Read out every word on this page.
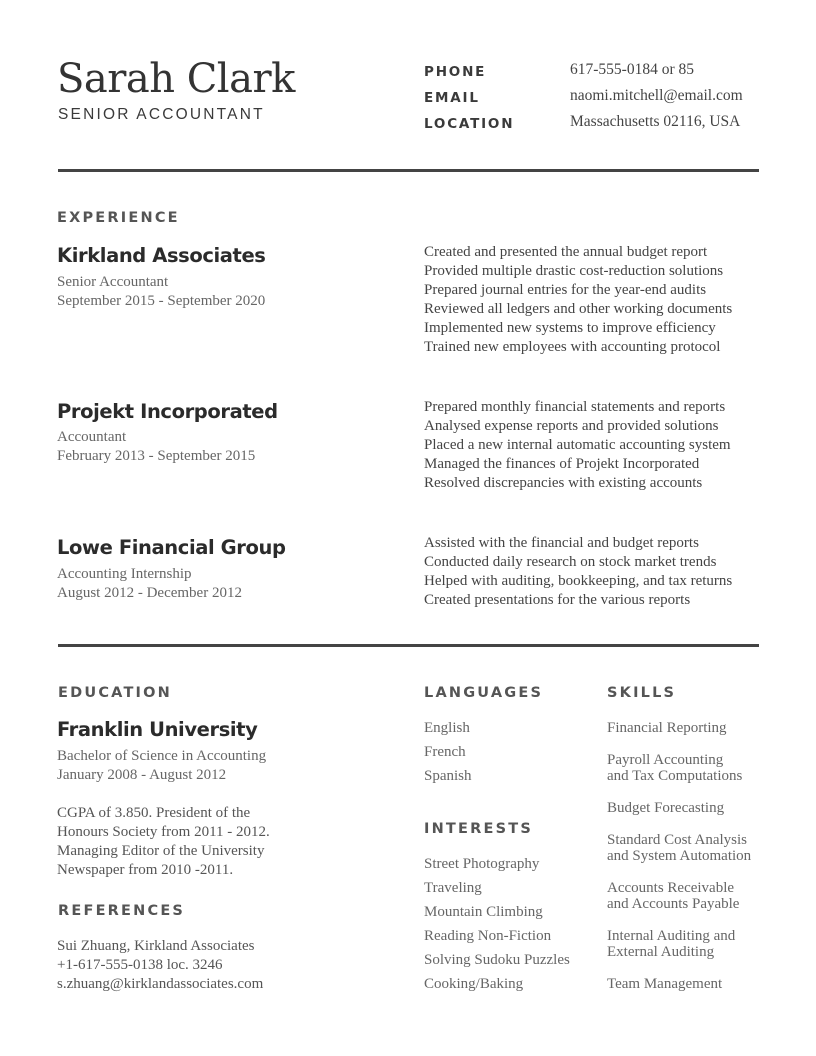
Sarah Clark
SENIOR ACCOUNTANT
PHONE	617-555-0184 or 85
EMAIL	naomi.mitchell@email.com
LOCATION	Massachusetts 02116, USA
EXPERIENCE
Kirkland Associates
Senior Accountant
September 2015 - September 2020
Created and presented the annual budget report
Provided multiple drastic cost-reduction solutions
Prepared journal entries for the year-end audits
Reviewed all ledgers and other working documents
Implemented new systems to improve efficiency
Trained new employees with accounting protocol
Projekt Incorporated
Accountant
February 2013 - September 2015
Prepared monthly financial statements and reports
Analysed expense reports and provided solutions
Placed a new internal automatic accounting system
Managed the finances of Projekt Incorporated
Resolved discrepancies with existing accounts
Lowe Financial Group
Accounting Internship
August 2012 - December 2012
Assisted with the financial and budget reports
Conducted daily research on stock market trends
Helped with auditing, bookkeeping, and tax returns
Created presentations for the various reports
EDUCATION
Franklin University
Bachelor of Science in Accounting
January 2008 - August 2012
CGPA of 3.850. President of the
Honours Society from 2011 - 2012.
Managing Editor of the University
Newspaper from 2010 -2011.
REFERENCES
Sui Zhuang, Kirkland Associates
+1-617-555-0138 loc. 3246
s.zhuang@kirklandassociates.com
LANGUAGES
English
French
Spanish
INTERESTS
Street Photography
Traveling
Mountain Climbing
Reading Non-Fiction
Solving Sudoku Puzzles
Cooking/Baking
SKILLS
Financial Reporting
Payroll Accounting
and Tax Computations
Budget Forecasting
Standard Cost Analysis
and System Automation
Accounts Receivable
and Accounts Payable
Internal Auditing and
External Auditing
Team Management
